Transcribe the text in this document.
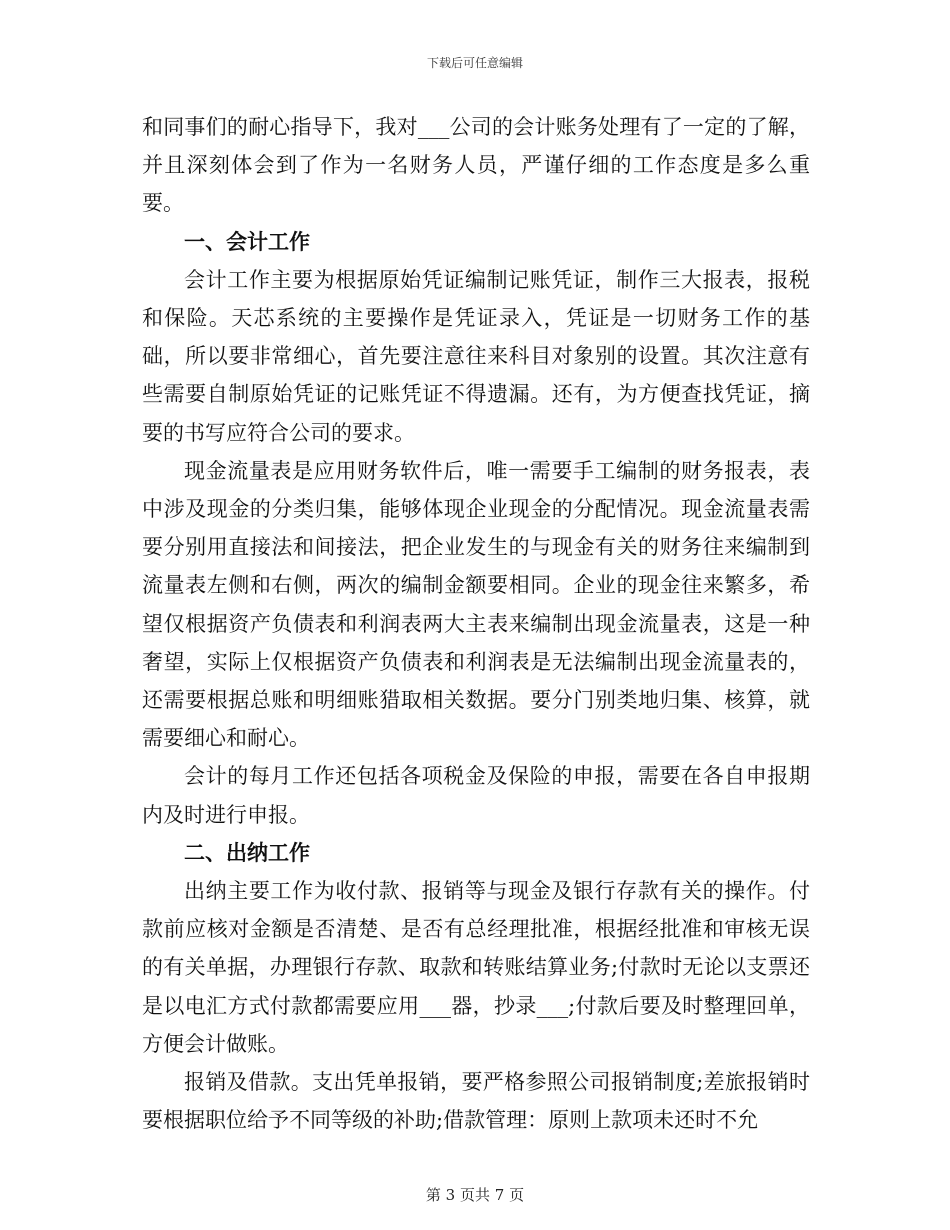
下载后可任意编辑

和同事们的耐心指导下，我对___公司的会计账务处理有了一定的了解，并且深刻体会到了作为一名财务人员，严谨仔细的工作态度是多么重要。

一、会计工作

会计工作主要为根据原始凭证编制记账凭证，制作三大报表，报税和保险。天芯系统的主要操作是凭证录入，凭证是一切财务工作的基础，所以要非常细心，首先要注意往来科目对象别的设置。其次注意有些需要自制原始凭证的记账凭证不得遗漏。还有，为方便查找凭证，摘要的书写应符合公司的要求。

现金流量表是应用财务软件后，唯一需要手工编制的财务报表，表中涉及现金的分类归集，能够体现企业现金的分配情况。现金流量表需要分别用直接法和间接法，把企业发生的与现金有关的财务往来编制到流量表左侧和右侧，两次的编制金额要相同。企业的现金往来繁多，希望仅根据资产负债表和利润表两大主表来编制出现金流量表，这是一种奢望，实际上仅根据资产负债表和利润表是无法编制出现金流量表的，还需要根据总账和明细账猎取相关数据。要分门别类地归集、核算，就需要细心和耐心。

会计的每月工作还包括各项税金及保险的申报，需要在各自申报期内及时进行申报。

二、出纳工作

出纳主要工作为收付款、报销等与现金及银行存款有关的操作。付款前应核对金额是否清楚、是否有总经理批准，根据经批准和审核无误的有关单据，办理银行存款、取款和转账结算业务;付款时无论以支票还是以电汇方式付款都需要应用___器，抄录___;付款后要及时整理回单，方便会计做账。

报销及借款。支出凭单报销，要严格参照公司报销制度;差旅报销时要根据职位给予不同等级的补助;借款管理：原则上款项未还时不允

第 3 页共 7 页
